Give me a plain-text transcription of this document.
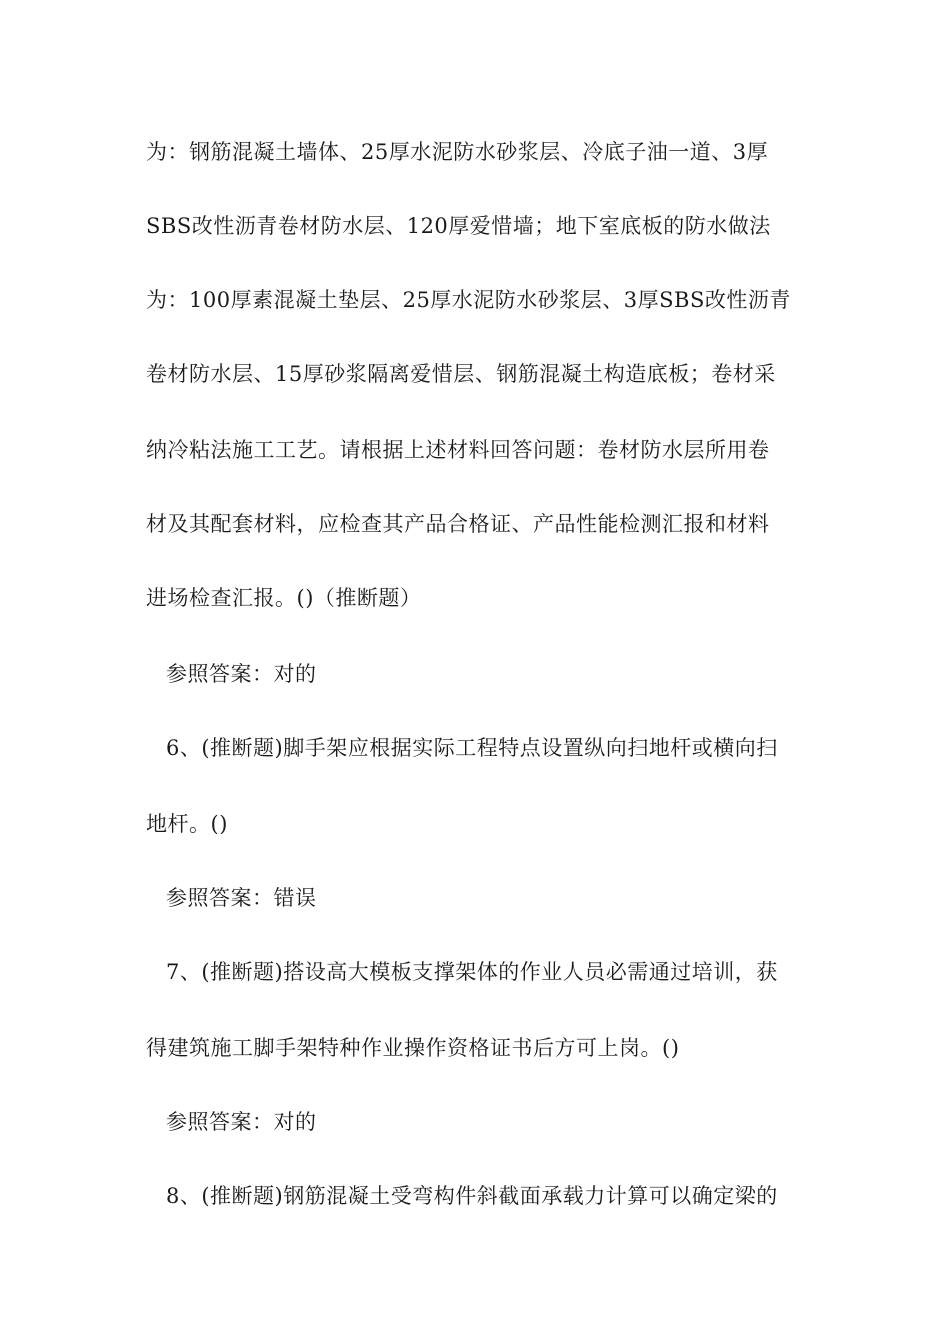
为：钢筋混凝土墙体、25厚水泥防水砂浆层、冷底子油一道、3厚
SBS改性沥青卷材防水层、120厚爱惜墙；地下室底板的防水做法
为：100厚素混凝土垫层、25厚水泥防水砂浆层、3厚SBS改性沥青
卷材防水层、15厚砂浆隔离爱惜层、钢筋混凝土构造底板；卷材采
纳冷粘法施工工艺。请根据上述材料回答问题：卷材防水层所用卷
材及其配套材料，应检查其产品合格证、产品性能检测汇报和材料
进场检查汇报。()（推断题）
参照答案：对的
6、(推断题)脚手架应根据实际工程特点设置纵向扫地杆或横向扫
地杆。()
参照答案：错误
7、(推断题)搭设高大模板支撑架体的作业人员必需通过培训，获
得建筑施工脚手架特种作业操作资格证书后方可上岗。()
参照答案：对的
8、(推断题)钢筋混凝土受弯构件斜截面承载力计算可以确定梁的
